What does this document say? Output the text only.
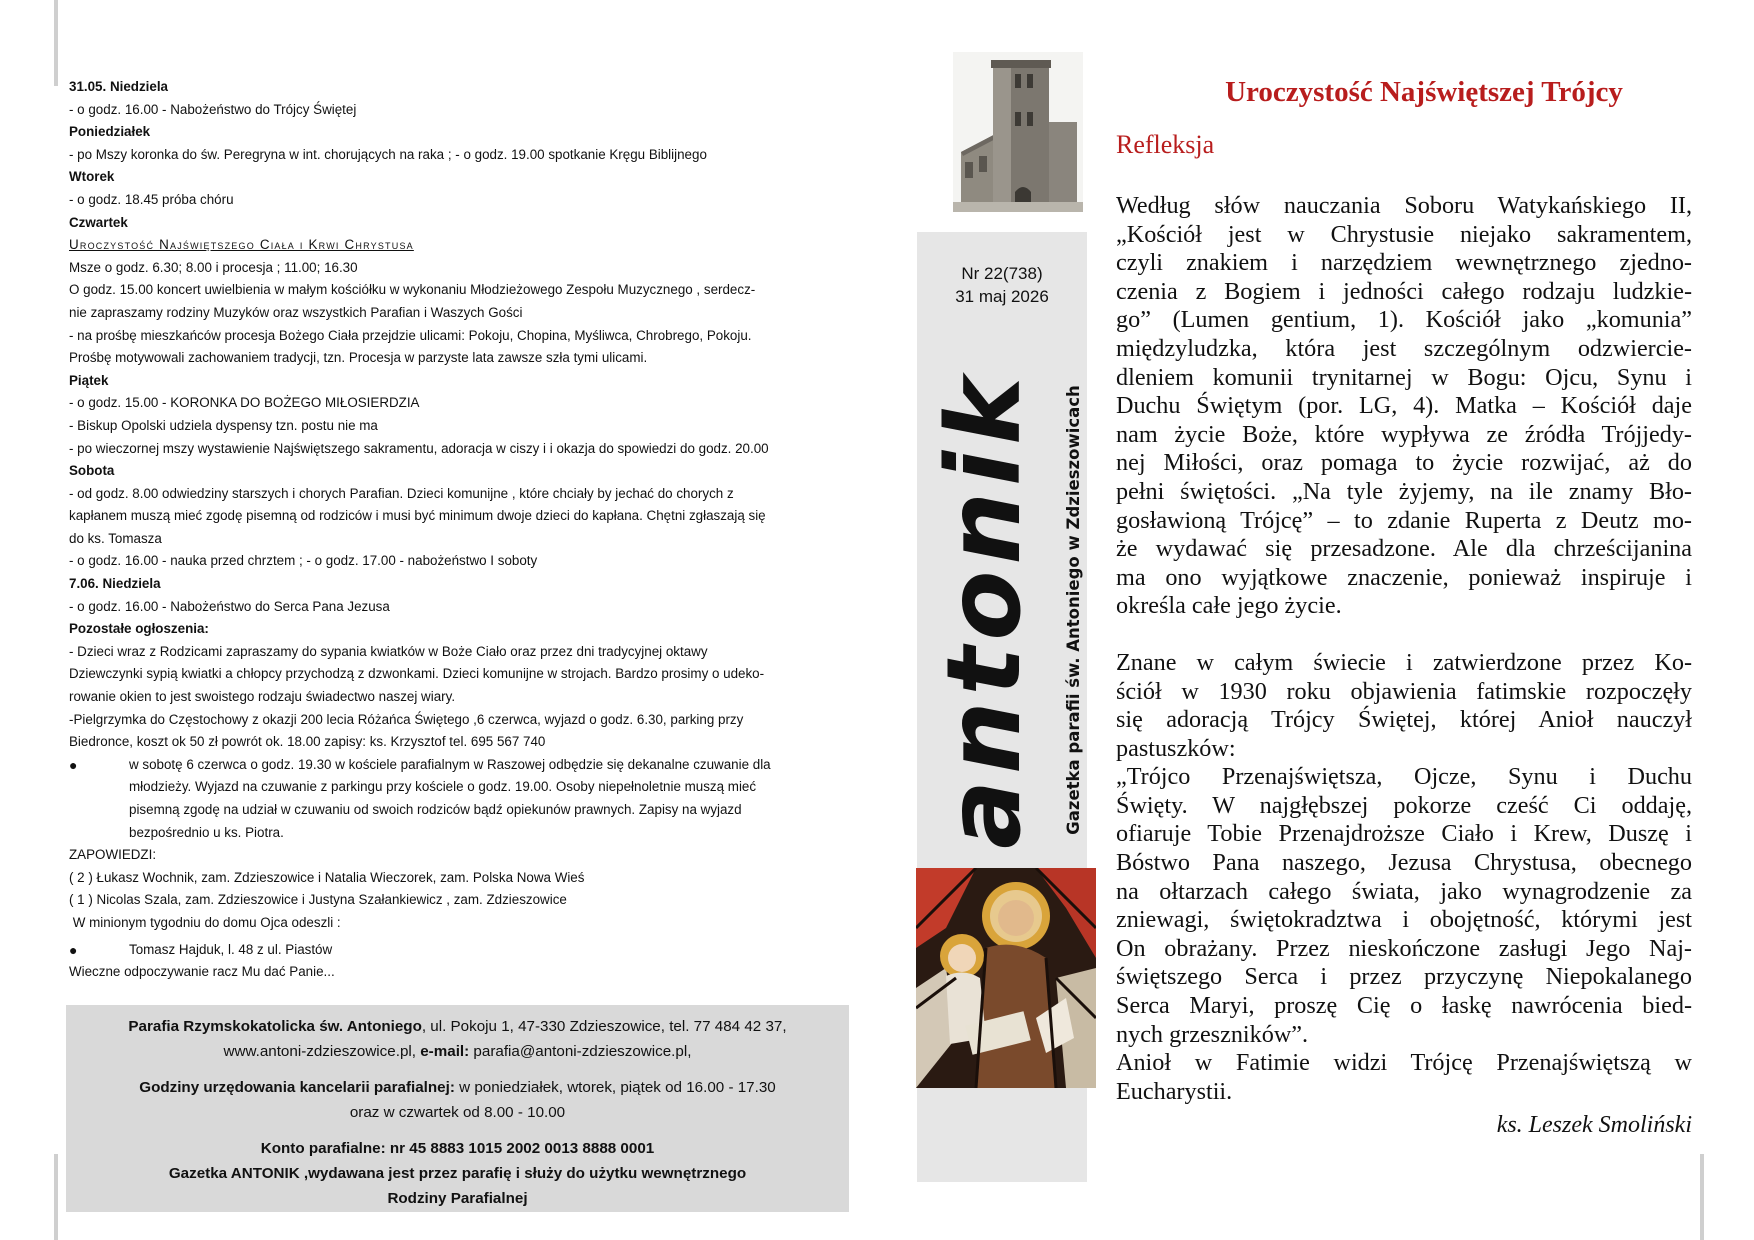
31.05. Niedziela
- o godz. 16.00 - Nabożeństwo do Trójcy Świętej
Poniedziałek
- po Mszy koronka do św. Peregryna w int. chorujących na raka ; - o godz. 19.00 spotkanie Kręgu Biblijnego
Wtorek
- o godz. 18.45 próba chóru
Czwartek
Uroczystość Najświętszego Ciała i Krwi Chrystusa
Msze o godz. 6.30; 8.00 i procesja ; 11.00; 16.30
O godz. 15.00 koncert uwielbienia w małym kościółku w wykonaniu Młodzieżowego Zespołu Muzycznego , serdecz-
nie zapraszamy rodziny Muzyków oraz wszystkich Parafian i Waszych Gości
- na prośbę mieszkańców procesja Bożego Ciała przejdzie ulicami: Pokoju, Chopina, Myśliwca, Chrobrego, Pokoju.
Prośbę motywowali zachowaniem tradycji, tzn. Procesja w parzyste lata zawsze szła tymi ulicami.
Piątek
- o godz. 15.00 - KORONKA DO BOŻEGO MIŁOSIERDZIA
- Biskup Opolski udziela dyspensy tzn. postu nie ma
- po wieczornej mszy wystawienie Najświętszego sakramentu, adoracja w ciszy i i okazja do spowiedzi do godz. 20.00
Sobota
- od godz. 8.00 odwiedziny starszych i chorych Parafian. Dzieci komunijne , które chciały by jechać do chorych z
kapłanem muszą mieć zgodę pisemną od rodziców i musi być minimum dwoje dzieci do kapłana. Chętni zgłaszają się
do ks. Tomasza
- o godz. 16.00 - nauka przed chrztem ; - o godz. 17.00 - nabożeństwo I soboty
7.06. Niedziela
- o godz. 16.00 - Nabożeństwo do Serca Pana Jezusa
Pozostałe ogłoszenia:
- Dzieci wraz z Rodzicami zapraszamy do sypania kwiatków w Boże Ciało oraz przez dni tradycyjnej oktawy
Dziewczynki sypią kwiatki a chłopcy przychodzą z dzwonkami. Dzieci komunijne w strojach. Bardzo prosimy o udeko-
rowanie okien to jest swoistego rodzaju świadectwo naszej wiary.
-Pielgrzymka do Częstochowy z okazji 200 lecia Różańca Świętego ,6 czerwca, wyjazd o godz. 6.30, parking przy
Biedronce, koszt ok 50 zł powrót ok. 18.00 zapisy: ks. Krzysztof tel. 695 567 740
●	w sobotę 6 czerwca o godz. 19.30 w kościele parafialnym w Raszowej odbędzie się dekanalne czuwanie dla
młodzieży. Wyjazd na czuwanie z parkingu przy kościele o godz. 19.00. Osoby niepełnoletnie muszą mieć
pisemną zgodę na udział w czuwaniu od swoich rodziców bądź opiekunów prawnych. Zapisy na wyjazd
bezpośrednio u ks. Piotra.
ZAPOWIEDZI:
( 2 ) Łukasz Wochnik, zam. Zdzieszowice i Natalia Wieczorek, zam. Polska Nowa Wieś
( 1 ) Nicolas Szala, zam. Zdzieszowice i Justyna Szałankiewicz , zam. Zdzieszowice
W minionym tygodniu do domu Ojca odeszli :
●	Tomasz Hajduk, l. 48 z ul. Piastów
Wieczne odpoczywanie racz Mu dać Panie...
Parafia Rzymskokatolicka św. Antoniego, ul. Pokoju 1, 47-330 Zdzieszowice, tel. 77 484 42 37,
www.antoni-zdzieszowice.pl, e-mail: parafia@antoni-zdzieszowice.pl,
Godziny urzędowania kancelarii parafialnej: w poniedziałek, wtorek, piątek od 16.00 - 17.30
oraz w czwartek od 8.00 - 10.00
Konto parafialne: nr 45 8883 1015 2002 0013 8888 0001
Gazetka ANTONIK ,wydawana jest przez parafię i służy do użytku wewnętrznego
Rodziny Parafialnej
Nr 22(738)
31 maj 2026
antonik Gazetka parafii św. Antoniego w Zdzieszowicach
Uroczystość Najświętszej Trójcy
Refleksja
Według słów nauczania Soboru Watykańskiego II,
„Kościół jest w Chrystusie niejako sakramentem,
czyli znakiem i narzędziem wewnętrznego zjedno-
czenia z Bogiem i jedności całego rodzaju ludzkie-
go” (Lumen gentium, 1). Kościół jako „komunia”
międzyludzka, która jest szczególnym odzwiercie-
dleniem komunii trynitarnej w Bogu: Ojcu, Synu i
Duchu Świętym (por. LG, 4). Matka – Kościół daje
nam życie Boże, które wypływa ze źródła Trójjedy-
nej Miłości, oraz pomaga to życie rozwijać, aż do
pełni świętości. „Na tyle żyjemy, na ile znamy Bło-
gosławioną Trójcę” – to zdanie Ruperta z Deutz mo-
że wydawać się przesadzone. Ale dla chrześcijanina
ma ono wyjątkowe znaczenie, ponieważ inspiruje i
określa całe jego życie.
Znane w całym świecie i zatwierdzone przez Ko-
ściół w 1930 roku objawienia fatimskie rozpoczęły
się adoracją Trójcy Świętej, której Anioł nauczył
pastuszków:
„Trójco Przenajświętsza, Ojcze, Synu i Duchu
Święty. W najgłębszej pokorze cześć Ci oddaję,
ofiaruje Tobie Przenajdroższe Ciało i Krew, Duszę i
Bóstwo Pana naszego, Jezusa Chrystusa, obecnego
na ołtarzach całego świata, jako wynagrodzenie za
zniewagi, świętokradztwa i obojętność, którymi jest
On obrażany. Przez nieskończone zasługi Jego Naj-
świętszego Serca i przez przyczynę Niepokalanego
Serca Maryi, proszę Cię o łaskę nawrócenia bied-
nych grzeszników”.
Anioł w Fatimie widzi Trójcę Przenajświętszą w
Eucharystii.
ks. Leszek Smoliński
